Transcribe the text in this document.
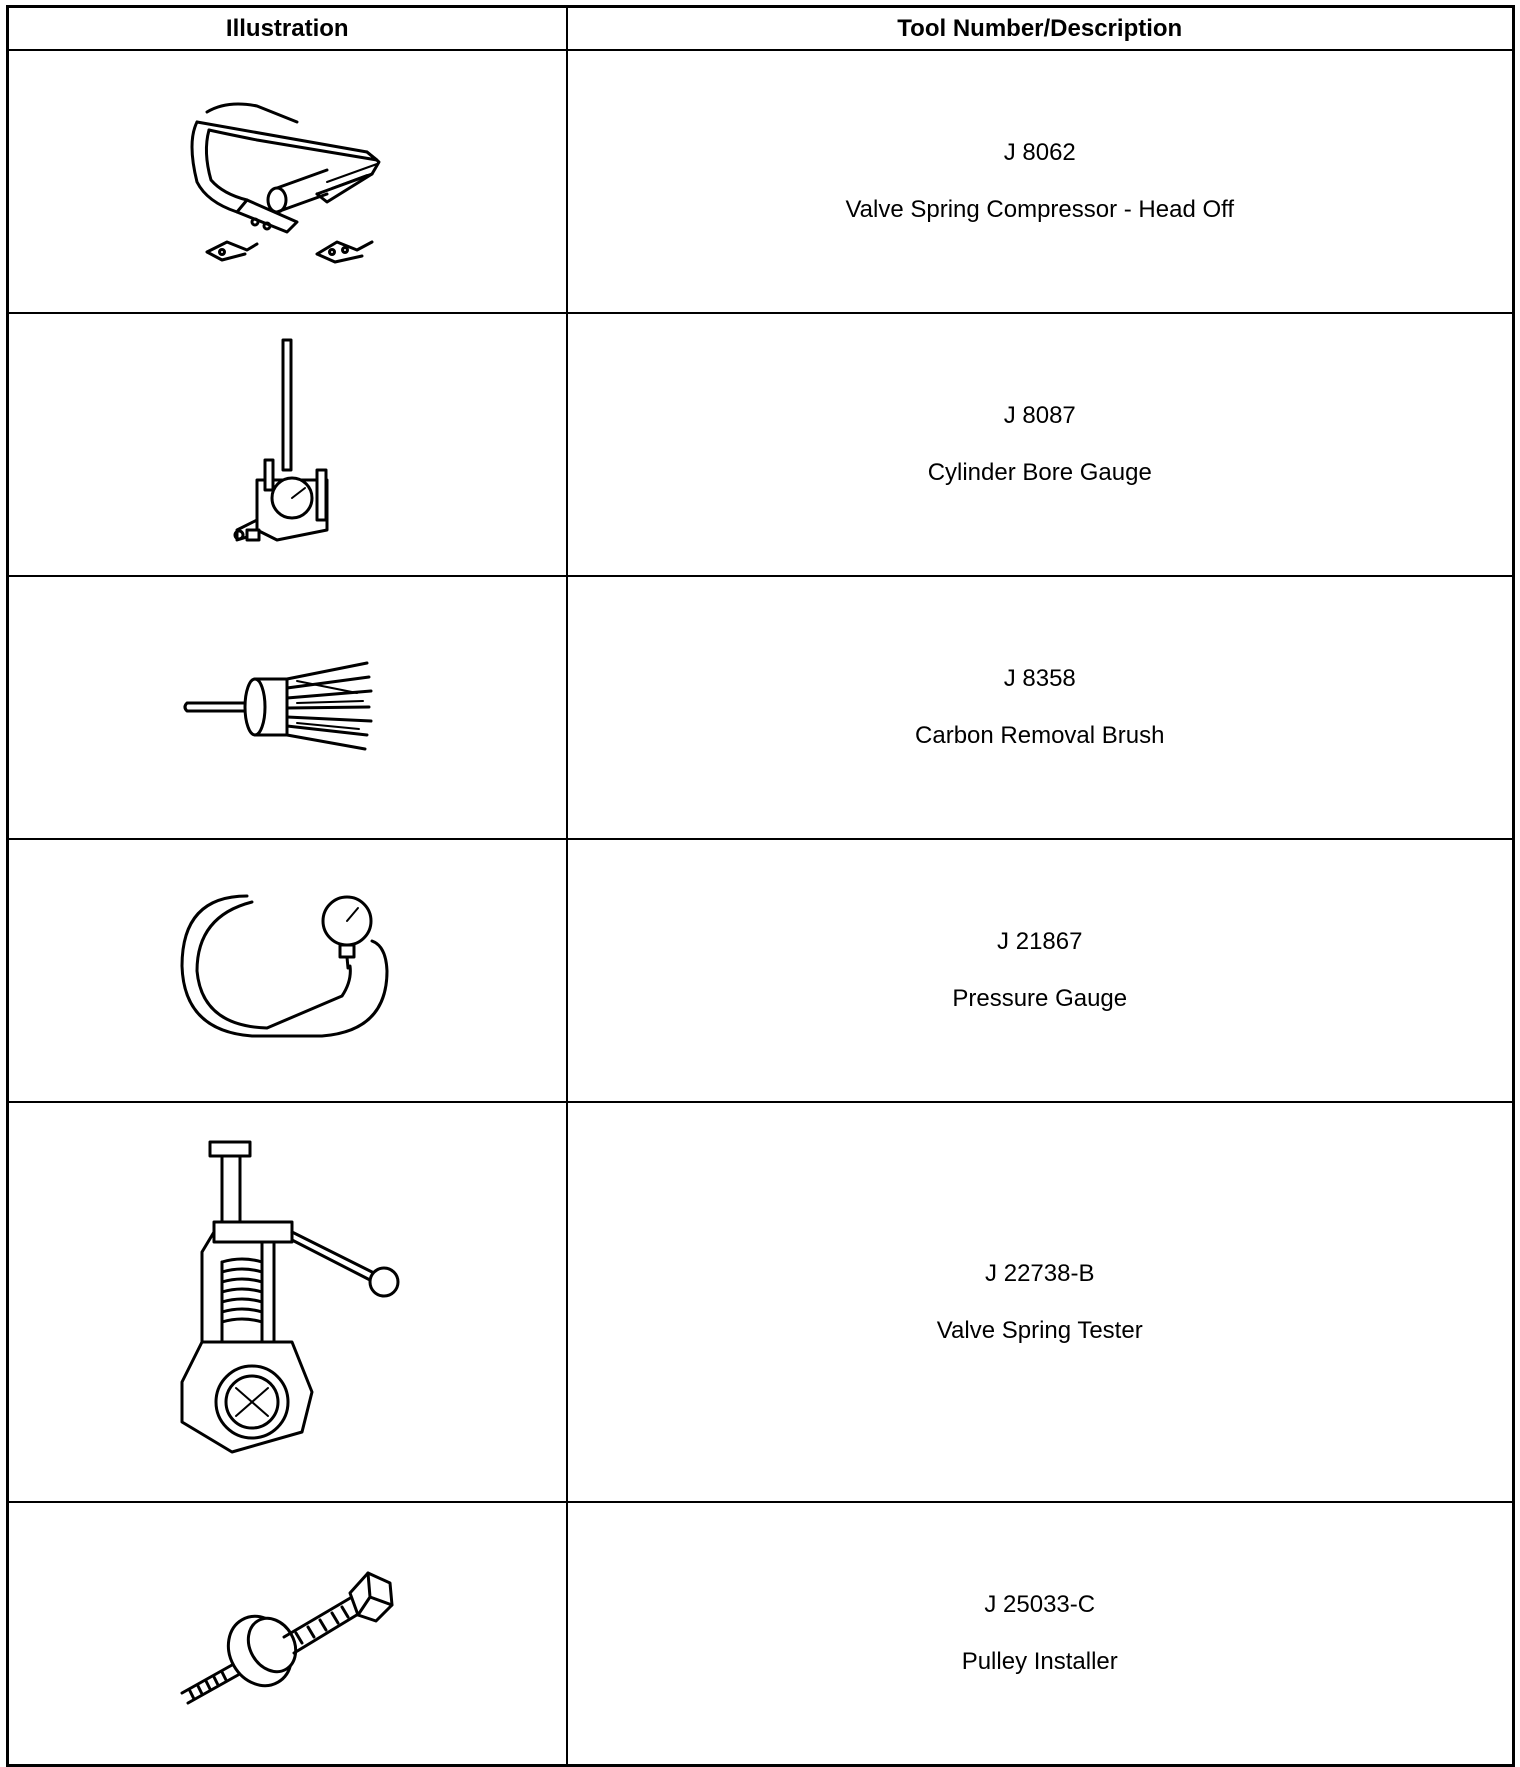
Illustration	Tool Number/Description

J 8062
Valve Spring Compressor - Head Off

J 8087
Cylinder Bore Gauge

J 8358
Carbon Removal Brush

J 21867
Pressure Gauge

J 22738-B
Valve Spring Tester

J 25033-C
Pulley Installer
